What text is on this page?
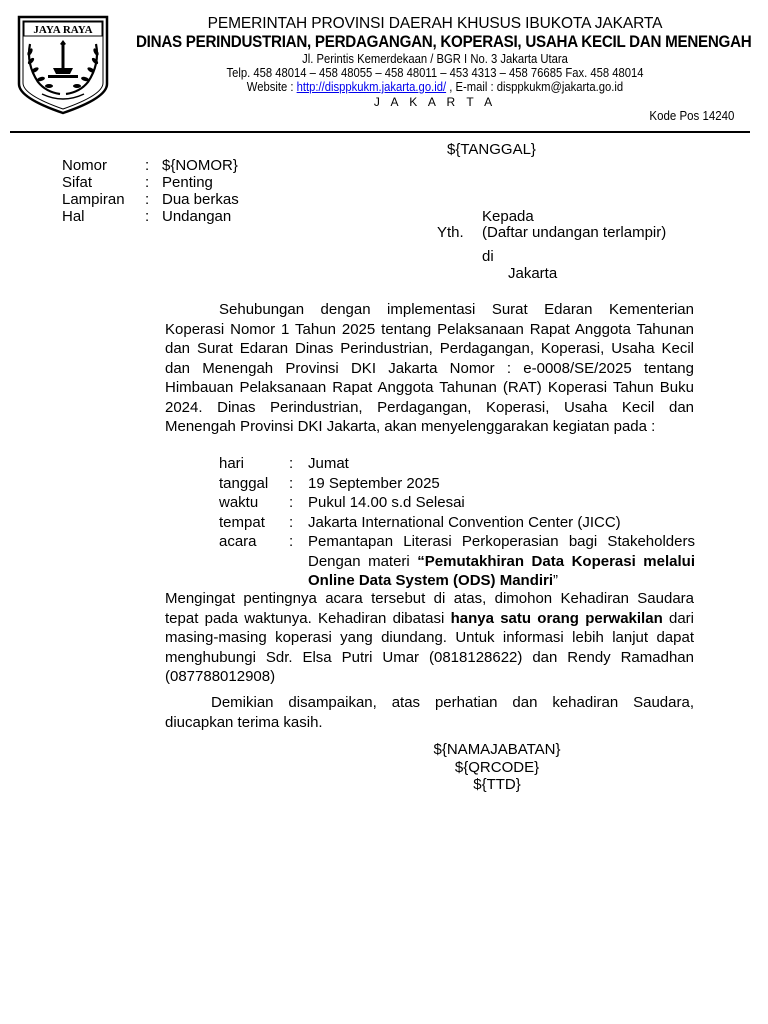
JAYA RAYA	PEMERINTAH PROVINSI DAERAH KHUSUS IBUKOTA JAKARTA
DINAS PERINDUSTRIAN, PERDAGANGAN, KOPERASI, USAHA KECIL DAN MENENGAH
Jl. Perintis Kemerdekaan / BGR I No. 3 Jakarta Utara
Telp. 458 48014 – 458 48055 – 458 48011 – 453 4313 – 458 76685 Fax. 458 48014
Website : http://disppkukm.jakarta.go.id/ , E-mail : disppkukm@jakarta.go.id
J A K A R T A
Kode Pos 14240
${TANGGAL}
Nomor	: ${NOMOR}
Sifat	: Penting
Lampiran : Dua berkas
Hal	: Undangan	Kepada
Yth. (Daftar undangan terlampir)
di
Jakarta
Sehubungan dengan implementasi Surat Edaran Kementerian Koperasi Nomor 1 Tahun 2025 tentang Pelaksanaan Rapat Anggota Tahunan dan Surat Edaran Dinas Perindustrian, Perdagangan, Koperasi, Usaha Kecil dan Menengah Provinsi DKI Jakarta Nomor : e-0008/SE/2025 tentang Himbauan Pelaksanaan Rapat Anggota Tahunan (RAT) Koperasi Tahun Buku 2024. Dinas Perindustrian, Perdagangan, Koperasi, Usaha Kecil dan Menengah Provinsi DKI Jakarta, akan menyelenggarakan kegiatan pada :
hari	: Jumat
tanggal : 19 September 2025
waktu : Pukul 14.00 s.d Selesai
tempat : Jakarta International Convention Center (JICC)
acara : Pemantapan Literasi Perkoperasian bagi Stakeholders Dengan materi “Pemutakhiran Data Koperasi melalui Online Data System (ODS) Mandiri”
Mengingat pentingnya acara tersebut di atas, dimohon Kehadiran Saudara tepat pada waktunya. Kehadiran dibatasi hanya satu orang perwakilan dari masing-masing koperasi yang diundang. Untuk informasi lebih lanjut dapat menghubungi Sdr. Elsa Putri Umar (0818128622) dan Rendy Ramadhan (087788012908)
Demikian disampaikan, atas perhatian dan kehadiran Saudara, diucapkan terima kasih.
${NAMAJABATAN}
${QRCODE}
${TTD}
